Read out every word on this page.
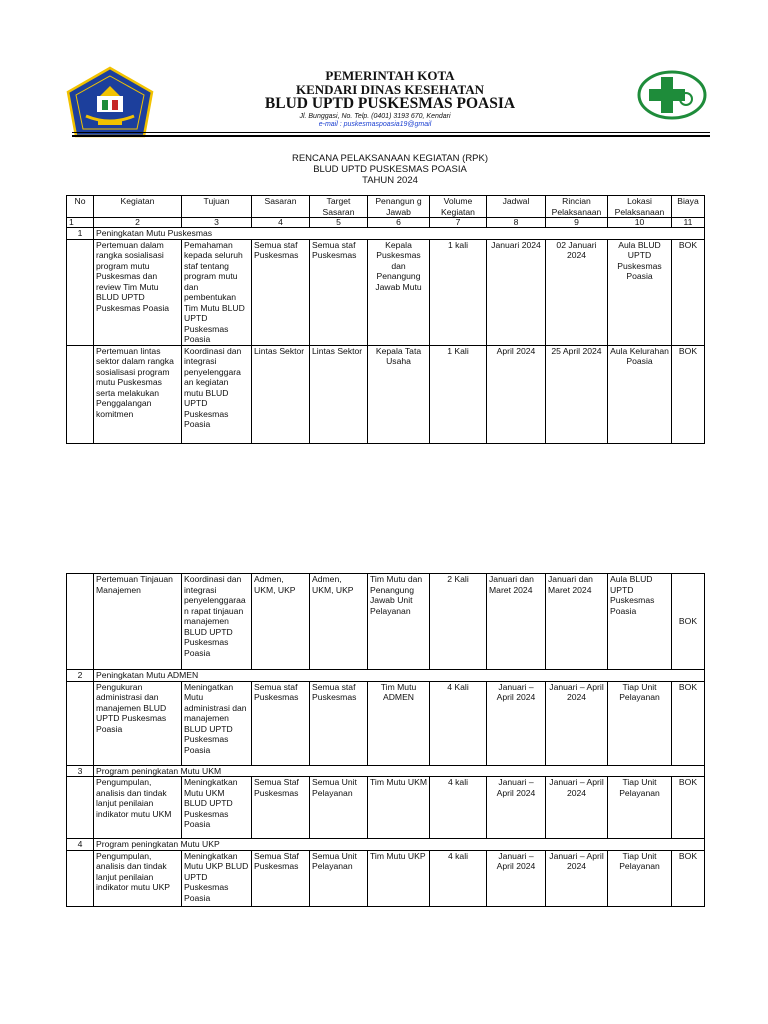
PEMERINTAH KOTA
KENDARI DINAS KESEHATAN
BLUD UPTD PUSKESMAS POASIA
Jl. Bunggasi, No. Telp. (0401) 3193 670, Kendari
e-mail : puskesmaspoasia19@gmail
RENCANA PELAKSANAAN KEGIATAN (RPK)
BLUD UPTD PUSKESMAS POASIA
TAHUN 2024
No	Kegiatan	Tujuan	Sasaran	Target Sasaran	Penangun g Jawab	Volume Kegiatan	Jadwal	Rincian Pelaksanaan	Lokasi Pelaksanaan	Biaya
1	2	3	4	5	6	7	8	9	10	11
1	Peningkatan Mutu Puskesmas									
	Pertemuan dalam rangka sosialisasi program mutu Puskesmas dan review Tim Mutu BLUD UPTD Puskesmas Poasia	Pemahaman kepada seluruh staf tentang program mutu dan pembentukan Tim Mutu BLUD UPTD Puskesmas Poasia	Semua staf Puskesmas	Semua staf Puskesmas	Kepala Puskesmas dan Penangung Jawab Mutu	1 kali	Januari 2024	02 Januari 2024	Aula BLUD UPTD Puskesmas Poasia	BOK
	Pertemuan lintas sektor dalam rangka sosialisasi program mutu Puskesmas serta melakukan Penggalangan komitmen	Koordinasi dan integrasi penyelenggara an kegiatan mutu BLUD UPTD Puskesmas Poasia	Lintas Sektor	Lintas Sektor	Kepala Tata Usaha	1 Kali	April 2024	25 April 2024	Aula Kelurahan Poasia	BOK
	Pertemuan Tinjauan Manajemen	Koordinasi dan integrasi penyelenggaraa n rapat tinjauan manajemen BLUD UPTD Puskesmas Poasia	Admen, UKM, UKP	Admen, UKM, UKP	Tim Mutu dan Penangung Jawab Unit Pelayanan	2 Kali	Januari dan Maret 2024	Januari dan Maret 2024	Aula BLUD UPTD Puskesmas Poasia	BOK
2	Peningkatan Mutu ADMEN									
	Pengukuran administrasi dan manajemen BLUD UPTD Puskesmas Poasia	Meningatkan Mutu administrasi dan manajemen BLUD UPTD Puskesmas Poasia	Semua staf Puskesmas	Semua staf Puskesmas	Tim Mutu ADMEN	4 Kali	Januari – April 2024	Januari – April 2024	Tiap Unit Pelayanan	BOK
3	Program peningkatan Mutu UKM									
	Pengumpulan, analisis dan tindak lanjut penilaian indikator mutu UKM	Meningkatkan Mutu UKM BLUD UPTD Puskesmas Poasia	Semua Staf Puskesmas	Semua Unit Pelayanan	Tim Mutu UKM	4 kali	Januari – April 2024	Januari – April 2024	Tiap Unit Pelayanan	BOK
4	Program peningkatan Mutu UKP									
	Pengumpulan, analisis dan tindak lanjut penilaian indikator mutu UKP	Meningkatkan Mutu UKP BLUD UPTD Puskesmas Poasia	Semua Staf Puskesmas	Semua Unit Pelayanan	Tim Mutu UKP	4 kali	Januari – April 2024	Januari – April 2024	Tiap Unit Pelayanan	BOK
